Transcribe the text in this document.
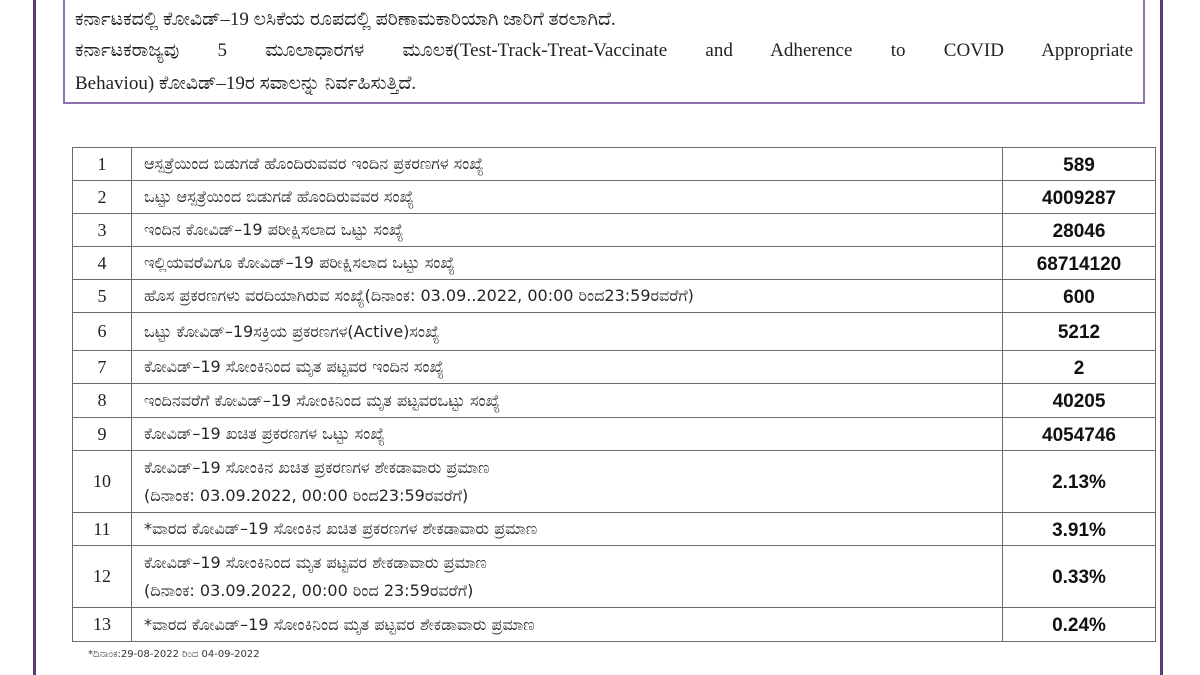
ಕರ್ನಾಟಕದಲ್ಲಿ ಕೋವಿಡ್–19 ಲಸಿಕೆಯ ರೂಪದಲ್ಲಿ ಪರಿಣಾಮಕಾರಿಯಾಗಿ ಜಾರಿಗೆ ತರಲಾಗಿದೆ.
ಕರ್ನಾಟಕರಾಜ್ಯವು 5 ಮೂಲಾಧಾರಗಳ ಮೂಲಕ(Test-Track-Treat-Vaccinate and Adherence to COVID Appropriate
Behaviou) ಕೋವಿಡ್–19ರ ಸವಾಲನ್ನು ನಿರ್ವಹಿಸುತ್ತಿದೆ.
1	ಆಸ್ಪತ್ರೆಯಿಂದ ಬಿಡುಗಡೆ ಹೊಂದಿರುವವರ ಇಂದಿನ ಪ್ರಕರಣಗಳ ಸಂಖ್ಯೆ	589
2	ಒಟ್ಟು ಆಸ್ಪತ್ರೆಯಿಂದ ಬಿಡುಗಡೆ ಹೊಂದಿರುವವರ ಸಂಖ್ಯೆ	4009287
3	ಇಂದಿನ ಕೋವಿಡ್–19 ಪರೀಕ್ಷಿಸಲಾದ ಒಟ್ಟು ಸಂಖ್ಯೆ	28046
4	ಇಲ್ಲಿಯವರೆವಿಗೂ ಕೋವಿಡ್–19 ಪರೀಕ್ಷಿಸಲಾದ ಒಟ್ಟು ಸಂಖ್ಯೆ	68714120
5	ಹೊಸ ಪ್ರಕರಣಗಳು ವರದಿಯಾಗಿರುವ ಸಂಖ್ಯೆ(ದಿನಾಂಕ: 03.09..2022, 00:00 ರಿಂದ23:59ರವರೆಗೆ)	600
6	ಒಟ್ಟು ಕೋವಿಡ್–19ಸಕ್ರಿಯ ಪ್ರಕರಣಗಳ(Active)ಸಂಖ್ಯೆ	5212
7	ಕೋವಿಡ್–19 ಸೋಂಕಿನಿಂದ ಮೃತ ಪಟ್ಟವರ ಇಂದಿನ ಸಂಖ್ಯೆ	2
8	ಇಂದಿನವರೆಗೆ ಕೋವಿಡ್–19 ಸೋಂಕಿನಿಂದ ಮೃತ ಪಟ್ಟವರಒಟ್ಟು ಸಂಖ್ಯೆ	40205
9	ಕೋವಿಡ್–19 ಖಚಿತ ಪ್ರಕರಣಗಳ ಒಟ್ಟು ಸಂಖ್ಯೆ	4054746
10	ಕೋವಿಡ್–19 ಸೋಂಕಿನ ಖಚಿತ ಪ್ರಕರಣಗಳ ಶೇಕಡಾವಾರು ಪ್ರಮಾಣ
(ದಿನಾಂಕ: 03.09.2022, 00:00 ರಿಂದ23:59ರವರೆಗೆ)	2.13%
11	*ವಾರದ ಕೋವಿಡ್–19 ಸೋಂಕಿನ ಖಚಿತ ಪ್ರಕರಣಗಳ ಶೇಕಡಾವಾರು ಪ್ರಮಾಣ	3.91%
12	ಕೋವಿಡ್–19 ಸೋಂಕಿನಿಂದ ಮೃತ ಪಟ್ಟವರ ಶೇಕಡಾವಾರು ಪ್ರಮಾಣ
(ದಿನಾಂಕ: 03.09.2022, 00:00 ರಿಂದ 23:59ರವರೆಗೆ)	0.33%
13	*ವಾರದ ಕೋವಿಡ್–19 ಸೋಂಕಿನಿಂದ ಮೃತ ಪಟ್ಟವರ ಶೇಕಡಾವಾರು ಪ್ರಮಾಣ	0.24%
*ದಿನಾಂಕ:29-08-2022 ರಿಂದ 04-09-2022
